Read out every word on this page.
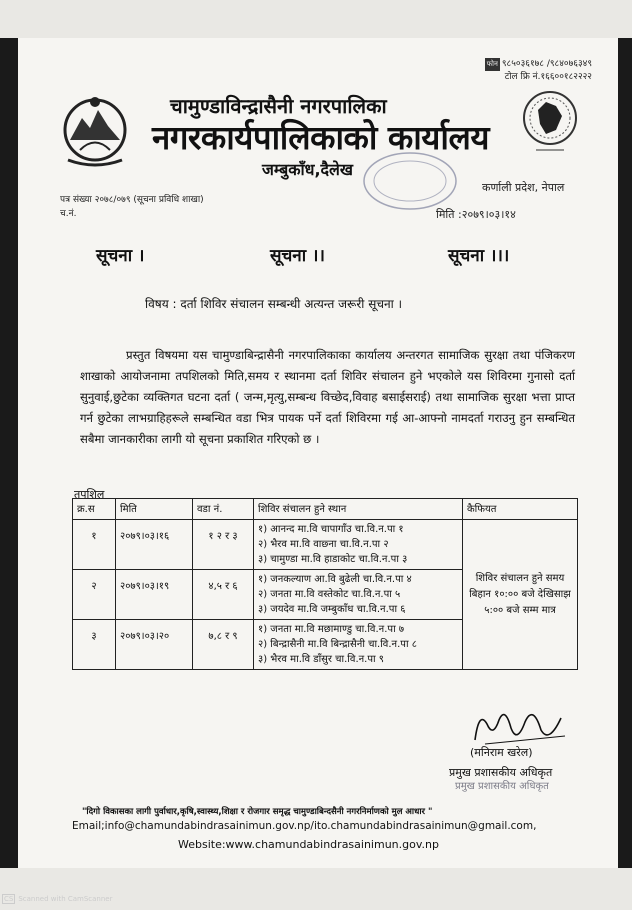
फोन ९८५०३६१७८ /९८४०७६३४९
टोल फ्रि नं.१६६००१८२२२२
चामुण्डाविन्द्रासैनी नगरपालिका
नगरकार्यपालिकाको कार्यालय
जम्बुकाँध,दैलेख
कर्णाली प्रदेश, नेपाल
पत्र संख्या २०७८/०७९ (सूचना प्रविधि शाखा)
च.नं.	मिति :२०७९।०३।१४
सूचना ।	सूचना ।।	सूचना ।।।
विषय : दर्ता शिविर संचालन सम्बन्धी अत्यन्त जरूरी सूचना ।
प्रस्तुत विषयमा यस चामुण्डाबिन्द्रासैनी नगरपालिकाका कार्यालय अन्तरगत सामाजिक सुरक्षा तथा पंजिकरण शाखाको आयोजनामा तपशिलको मिति,समय र स्थानमा दर्ता शिविर संचालन हुने भएकोले यस शिविरमा गुनासो दर्ता सुनुवाई,छुटेका व्यक्तिगत घटना दर्ता ( जन्म,मृत्यु,सम्बन्ध विच्छेद,विवाह बसाईसराई) तथा सामाजिक सुरक्षा भत्ता प्राप्त गर्न छुटेका लाभग्राहिहरूले सम्बन्धित वडा भित्र पायक पर्ने दर्ता शिविरमा गई आ-आफ्नो नामदर्ता गराउनु हुन सम्बन्धित सबैमा जानकारीका लागी यो सूचना प्रकाशित गरिएको छ ।
तपशिल
क्र.स	मिति	वडा नं.	शिविर संचालन हुने स्थान	कैफियत
१	२०७९।०३।१६	१ २ र ३	१) आनन्द मा.वि चापागाँउ चा.वि.न.पा १
२) भैरव मा.वि वाछ्ना चा.वि.न.पा २
३) चामुण्डा मा.वि हाडाकोट चा.वि.न.पा ३	शिविर संचालन हुने समय बिहान १०:०० बजे देखिसाझ ५:०० बजे सम्म मात्र
२	२०७९।०३।१९	४,५ र ६	१) जनकल्याण आ.वि बुढेली चा.वि.न.पा ४
२) जनता मा.वि वस्तेकोट चा.वि.न.पा ५
३) जयदेव मा.वि जम्बुकाँध चा.वि.न.पा ६	

३	२०७९।०३।२०	७,८ र ९	१) जनता मा.वि मछामाण्डु चा.वि.न.पा ७
२) बिन्द्रासैनी मा.वि बिन्द्रासैनी चा.वि.न.पा ८
३) भैरव मा.वि डाँसुर चा.वि.न.पा ९	
(मनिराम खरेल)
प्रमुख प्रशासकीय अधिकृत
प्रमुख प्रशासकीय अधिकृत
"दिगो विकासका लागी पुर्वाधार,कृषि,स्वास्थ्य,शिक्षा र रोजगार समृद्ध चामुण्डाबिन्दसैनी नगरनिर्माणको मुल आधार "
Email;info@chamundabindrasainimun.gov.np/ito.chamundabindrasainimun@gmail.com,
Website:www.chamundabindrasainimun.gov.np
CS Scanned with CamScanner
